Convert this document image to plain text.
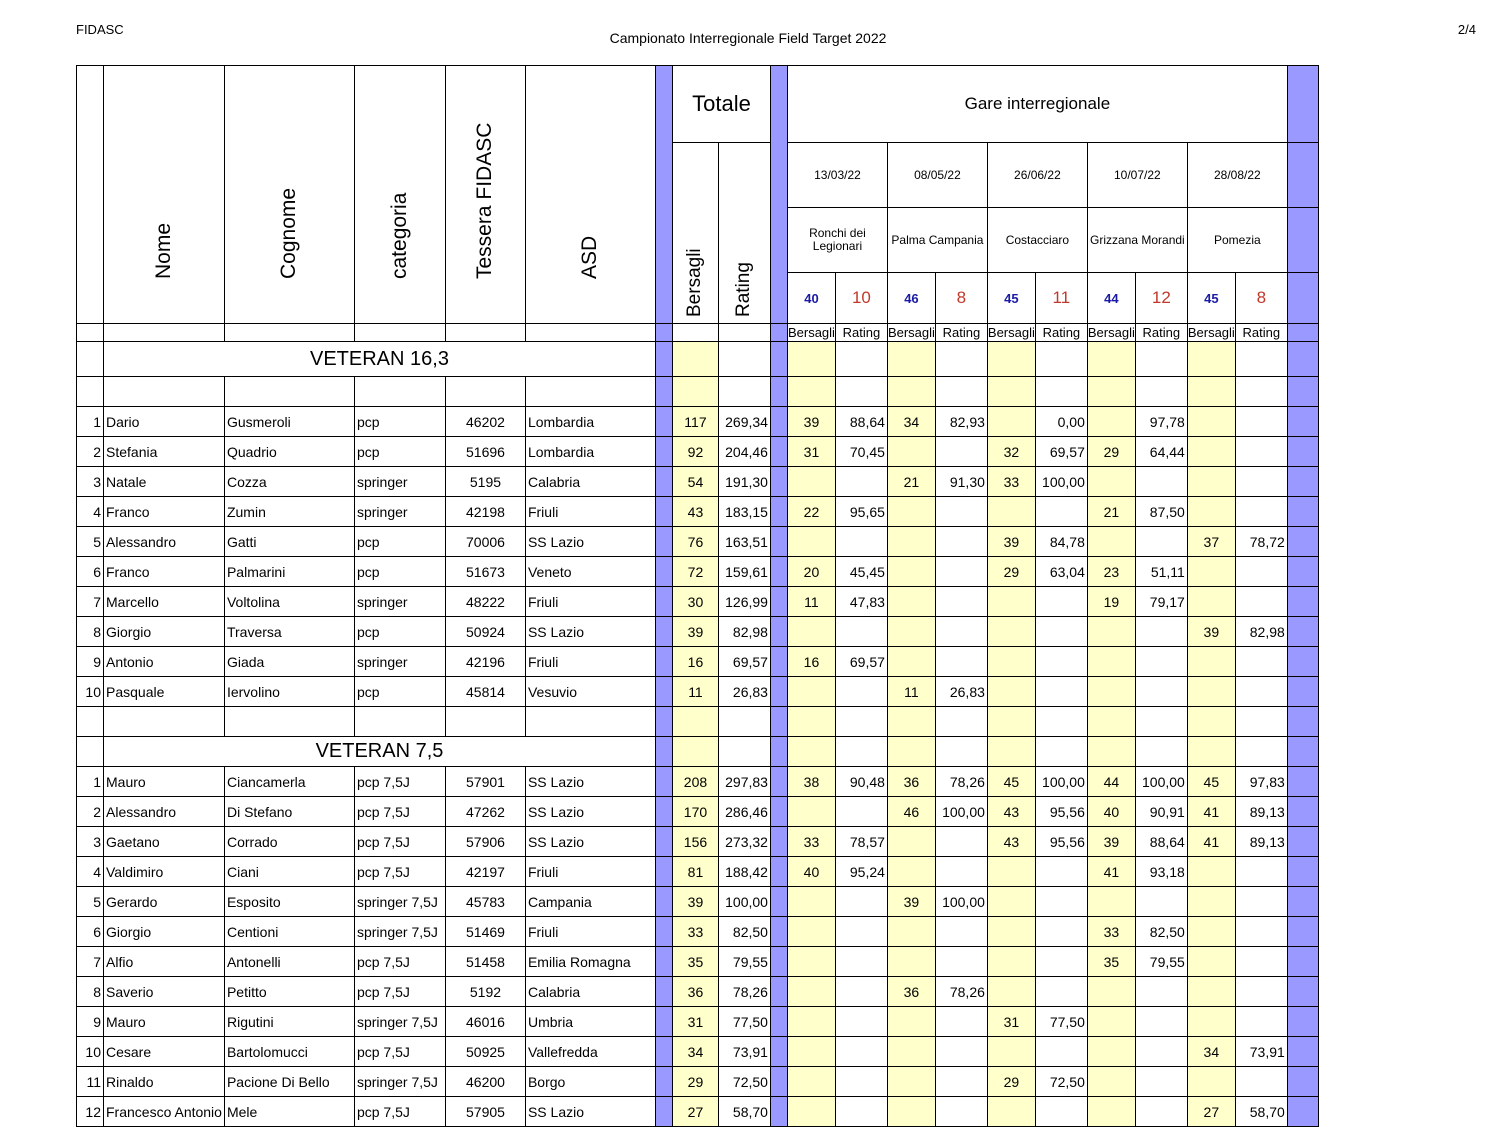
FIDASC
Campionato Interregionale Field Target 2022
2/4

	Nome	Cognome	categoria	Tessera FIDASC	ASD		Totale			Gare interregionale										

							Bersagli	Rating		13/03/22		08/05/22		26/06/22		10/07/22		28/08/22		
										Ronchi dei Legionari		Palma Campania		Costacciaro		Grizzana Morandi		Pomezia		
										40	10	46	8	45	11	44	12	45	8	
										Bersagli	Rating	Bersagli	Rating	Bersagli	Rating	Bersagli	Rating	Bersagli	Rating	
	VETERAN 16,3																			

1	Dario	Gusmeroli	pcp	46202	Lombardia		117	269,34		39	88,64	34	82,93		0,00		97,78			
2	Stefania	Quadrio	pcp	51696	Lombardia		92	204,46		31	70,45			32	69,57	29	64,44			
3	Natale	Cozza	springer	5195	Calabria		54	191,30				21	91,30	33	100,00					
4	Franco	Zumin	springer	42198	Friuli		43	183,15		22	95,65					21	87,50			
5	Alessandro	Gatti	pcp	70006	SS Lazio		76	163,51						39	84,78			37	78,72	
6	Franco	Palmarini	pcp	51673	Veneto		72	159,61		20	45,45			29	63,04	23	51,11			
7	Marcello	Voltolina	springer	48222	Friuli		30	126,99		11	47,83					19	79,17			
8	Giorgio	Traversa	pcp	50924	SS Lazio		39	82,98										39	82,98	
9	Antonio	Giada	springer	42196	Friuli		16	69,57		16	69,57									
10	Pasquale	Iervolino	pcp	45814	Vesuvio		11	26,83				11	26,83							

	VETERAN 7,5																			
1	Mauro	Ciancamerla	pcp 7,5J	57901	SS Lazio		208	297,83		38	90,48	36	78,26	45	100,00	44	100,00	45	97,83	
2	Alessandro	Di Stefano	pcp 7,5J	47262	SS Lazio		170	286,46				46	100,00	43	95,56	40	90,91	41	89,13	
3	Gaetano	Corrado	pcp 7,5J	57906	SS Lazio		156	273,32		33	78,57			43	95,56	39	88,64	41	89,13	
4	Valdimiro	Ciani	pcp 7,5J	42197	Friuli		81	188,42		40	95,24					41	93,18			
5	Gerardo	Esposito	springer 7,5J	45783	Campania		39	100,00				39	100,00							
6	Giorgio	Centioni	springer 7,5J	51469	Friuli		33	82,50								33	82,50			
7	Alfio	Antonelli	pcp 7,5J	51458	Emilia Romagna		35	79,55								35	79,55			
8	Saverio	Petitto	pcp 7,5J	5192	Calabria		36	78,26				36	78,26							
9	Mauro	Rigutini	springer 7,5J	46016	Umbria		31	77,50						31	77,50					
10	Cesare	Bartolomucci	pcp 7,5J	50925	Vallefredda		34	73,91										34	73,91	
11	Rinaldo	Pacione Di Bello	springer 7,5J	46200	Borgo		29	72,50						29	72,50					
12	Francesco Antonio	Mele	pcp 7,5J	57905	SS Lazio		27	58,70										27	58,70	
